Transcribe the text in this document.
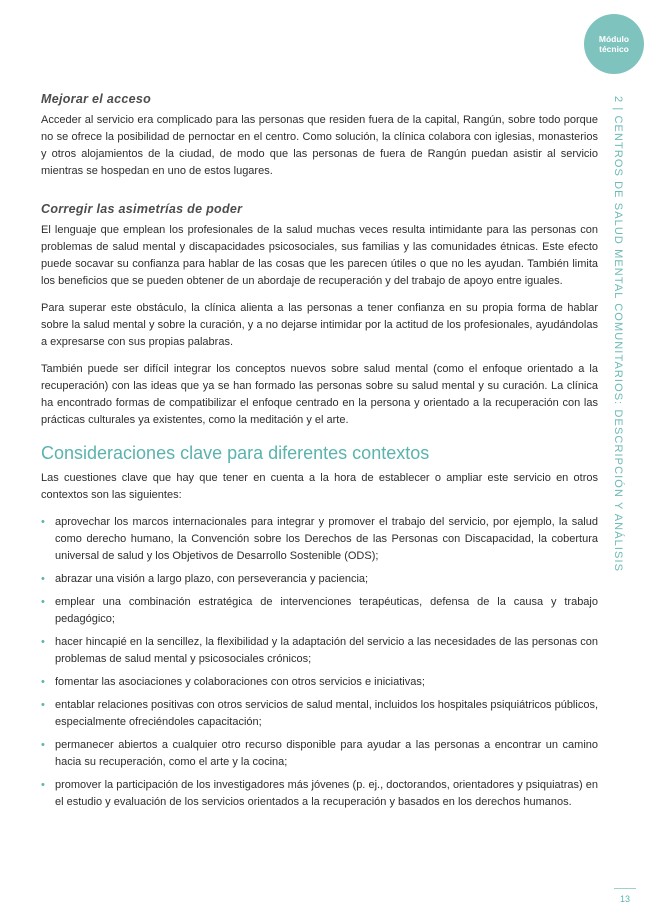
Módulo
técnico
2 | CENTROS DE SALUD MENTAL COMUNITARIOS: DESCRIPCIÓN Y ANÁLISIS
Mejorar el acceso

Acceder al servicio era complicado para las personas que residen fuera de la capital, Rangún, sobre todo porque no se ofrece la posibilidad de pernoctar en el centro. Como solución, la clínica colabora con iglesias, monasterios y otros alojamientos de la ciudad, de modo que las personas de fuera de Rangún puedan asistir al servicio mientras se hospedan en uno de estos lugares.

Corregir las asimetrías de poder

El lenguaje que emplean los profesionales de la salud muchas veces resulta intimidante para las personas con problemas de salud mental y discapacidades psicosociales, sus familias y las comunidades étnicas. Este efecto puede socavar su confianza para hablar de las cosas que les parecen útiles o que no les ayudan. También limita los beneficios que se pueden obtener de un abordaje de recuperación y del trabajo de apoyo entre iguales.

Para superar este obstáculo, la clínica alienta a las personas a tener confianza en su propia forma de hablar sobre la salud mental y sobre la curación, y a no dejarse intimidar por la actitud de los profesionales, ayudándolas a expresarse con sus propias palabras.

También puede ser difícil integrar los conceptos nuevos sobre salud mental (como el enfoque orientado a la recuperación) con las ideas que ya se han formado las personas sobre su salud mental y su curación. La clínica ha encontrado formas de compatibilizar el enfoque centrado en la persona y orientado a la recuperación con las prácticas culturales ya existentes, como la meditación y el arte.

Consideraciones clave para diferentes contextos

Las cuestiones clave que hay que tener en cuenta a la hora de establecer o ampliar este servicio en otros contextos son las siguientes:

• aprovechar los marcos internacionales para integrar y promover el trabajo del servicio, por ejemplo, la salud como derecho humano, la Convención sobre los Derechos de las Personas con Discapacidad, la cobertura universal de salud y los Objetivos de Desarrollo Sostenible (ODS);
• abrazar una visión a largo plazo, con perseverancia y paciencia;
• emplear una combinación estratégica de intervenciones terapéuticas, defensa de la causa y trabajo pedagógico;
• hacer hincapié en la sencillez, la flexibilidad y la adaptación del servicio a las necesidades de las personas con problemas de salud mental y psicosociales crónicos;
• fomentar las asociaciones y colaboraciones con otros servicios e iniciativas;
• entablar relaciones positivas con otros servicios de salud mental, incluidos los hospitales psiquiátricos públicos, especialmente ofreciéndoles capacitación;
• permanecer abiertos a cualquier otro recurso disponible para ayudar a las personas a encontrar un camino hacia su recuperación, como el arte y la cocina;
• promover la participación de los investigadores más jóvenes (p. ej., doctorandos, orientadores y psiquiatras) en el estudio y evaluación de los servicios orientados a la recuperación y basados en los derechos humanos.
13
